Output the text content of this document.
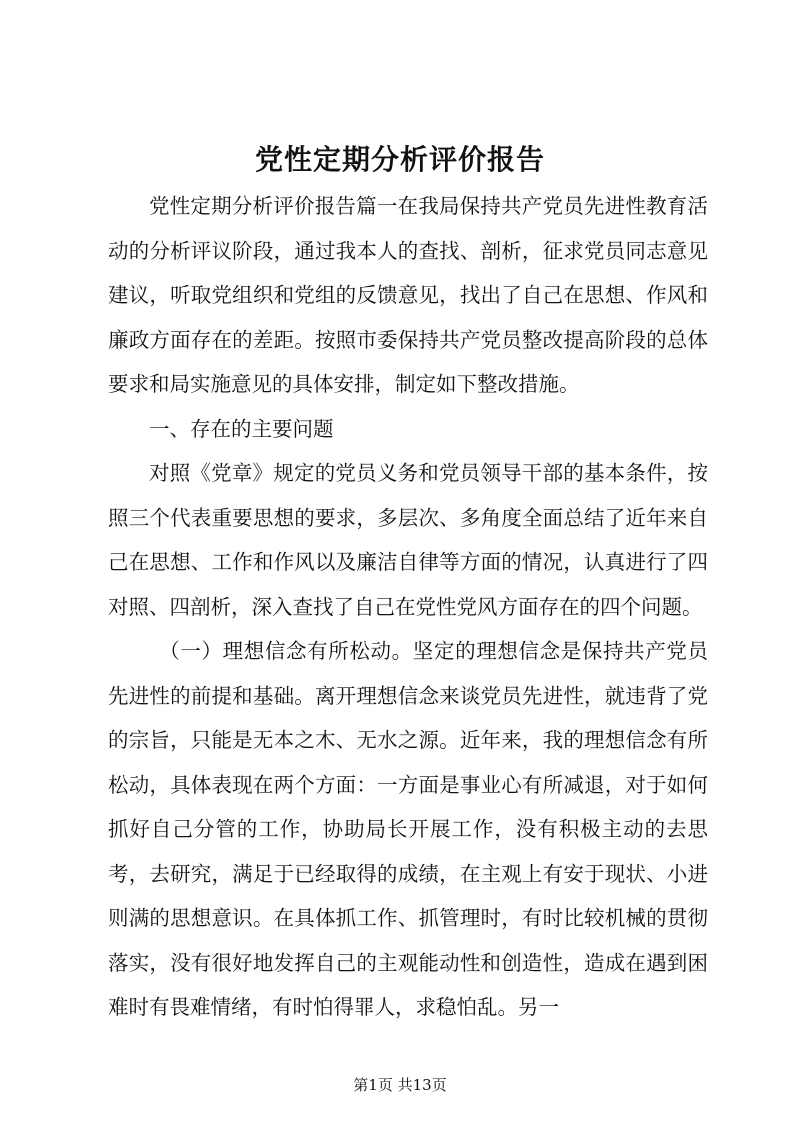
党性定期分析评价报告

党性定期分析评价报告篇一在我局保持共产党员先进性教育活动的分析评议阶段，通过我本人的查找、剖析，征求党员同志意见建议，听取党组织和党组的反馈意见，找出了自己在思想、作风和廉政方面存在的差距。按照市委保持共产党员整改提高阶段的总体要求和局实施意见的具体安排，制定如下整改措施。

一、存在的主要问题

对照《党章》规定的党员义务和党员领导干部的基本条件，按照三个代表重要思想的要求，多层次、多角度全面总结了近年来自己在思想、工作和作风以及廉洁自律等方面的情况，认真进行了四对照、四剖析，深入查找了自己在党性党风方面存在的四个问题。

（一）理想信念有所松动。坚定的理想信念是保持共产党员先进性的前提和基础。离开理想信念来谈党员先进性，就违背了党的宗旨，只能是无本之木、无水之源。近年来，我的理想信念有所松动，具体表现在两个方面：一方面是事业心有所减退，对于如何抓好自己分管的工作，协助局长开展工作，没有积极主动的去思考，去研究，满足于已经取得的成绩，在主观上有安于现状、小进则满的思想意识。在具体抓工作、抓管理时，有时比较机械的贯彻落实，没有很好地发挥自己的主观能动性和创造性，造成在遇到困难时有畏难情绪，有时怕得罪人，求稳怕乱。另一

第1页 共13页
